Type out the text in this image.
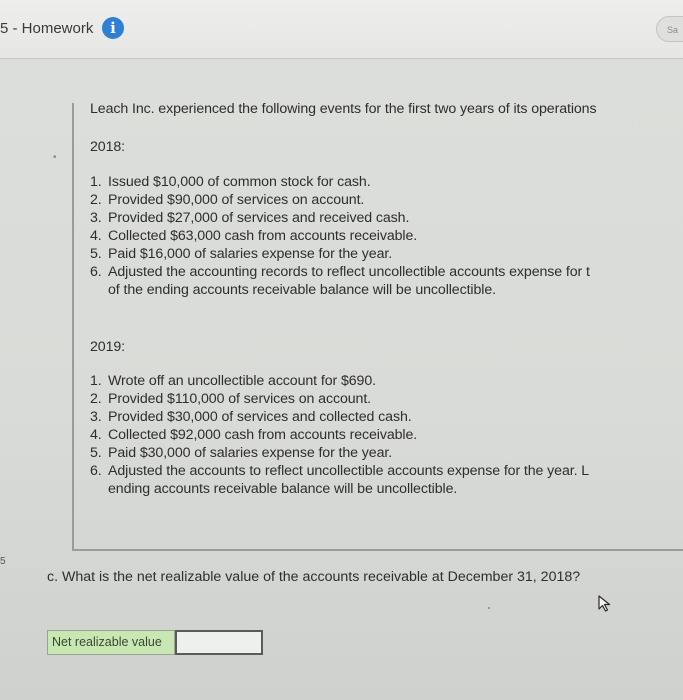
5 - Homework	i	Sa
•
Leach Inc. experienced the following events for the first two years of its operations
2018:
1. Issued $10,000 of common stock for cash.
2. Provided $90,000 of services on account.
3. Provided $27,000 of services and received cash.
4. Collected $63,000 cash from accounts receivable.
5. Paid $16,000 of salaries expense for the year.
6. Adjusted the accounting records to reflect uncollectible accounts expense for t
of the ending accounts receivable balance will be uncollectible.
2019:
1. Wrote off an uncollectible account for $690.
2. Provided $110,000 of services on account.
3. Provided $30,000 of services and collected cash.
4. Collected $92,000 cash from accounts receivable.
5. Paid $30,000 of salaries expense for the year.
6. Adjusted the accounts to reflect uncollectible accounts expense for the year. L
ending accounts receivable balance will be uncollectible.
5
c. What is the net realizable value of the accounts receivable at December 31, 2018?
Net realizable value
